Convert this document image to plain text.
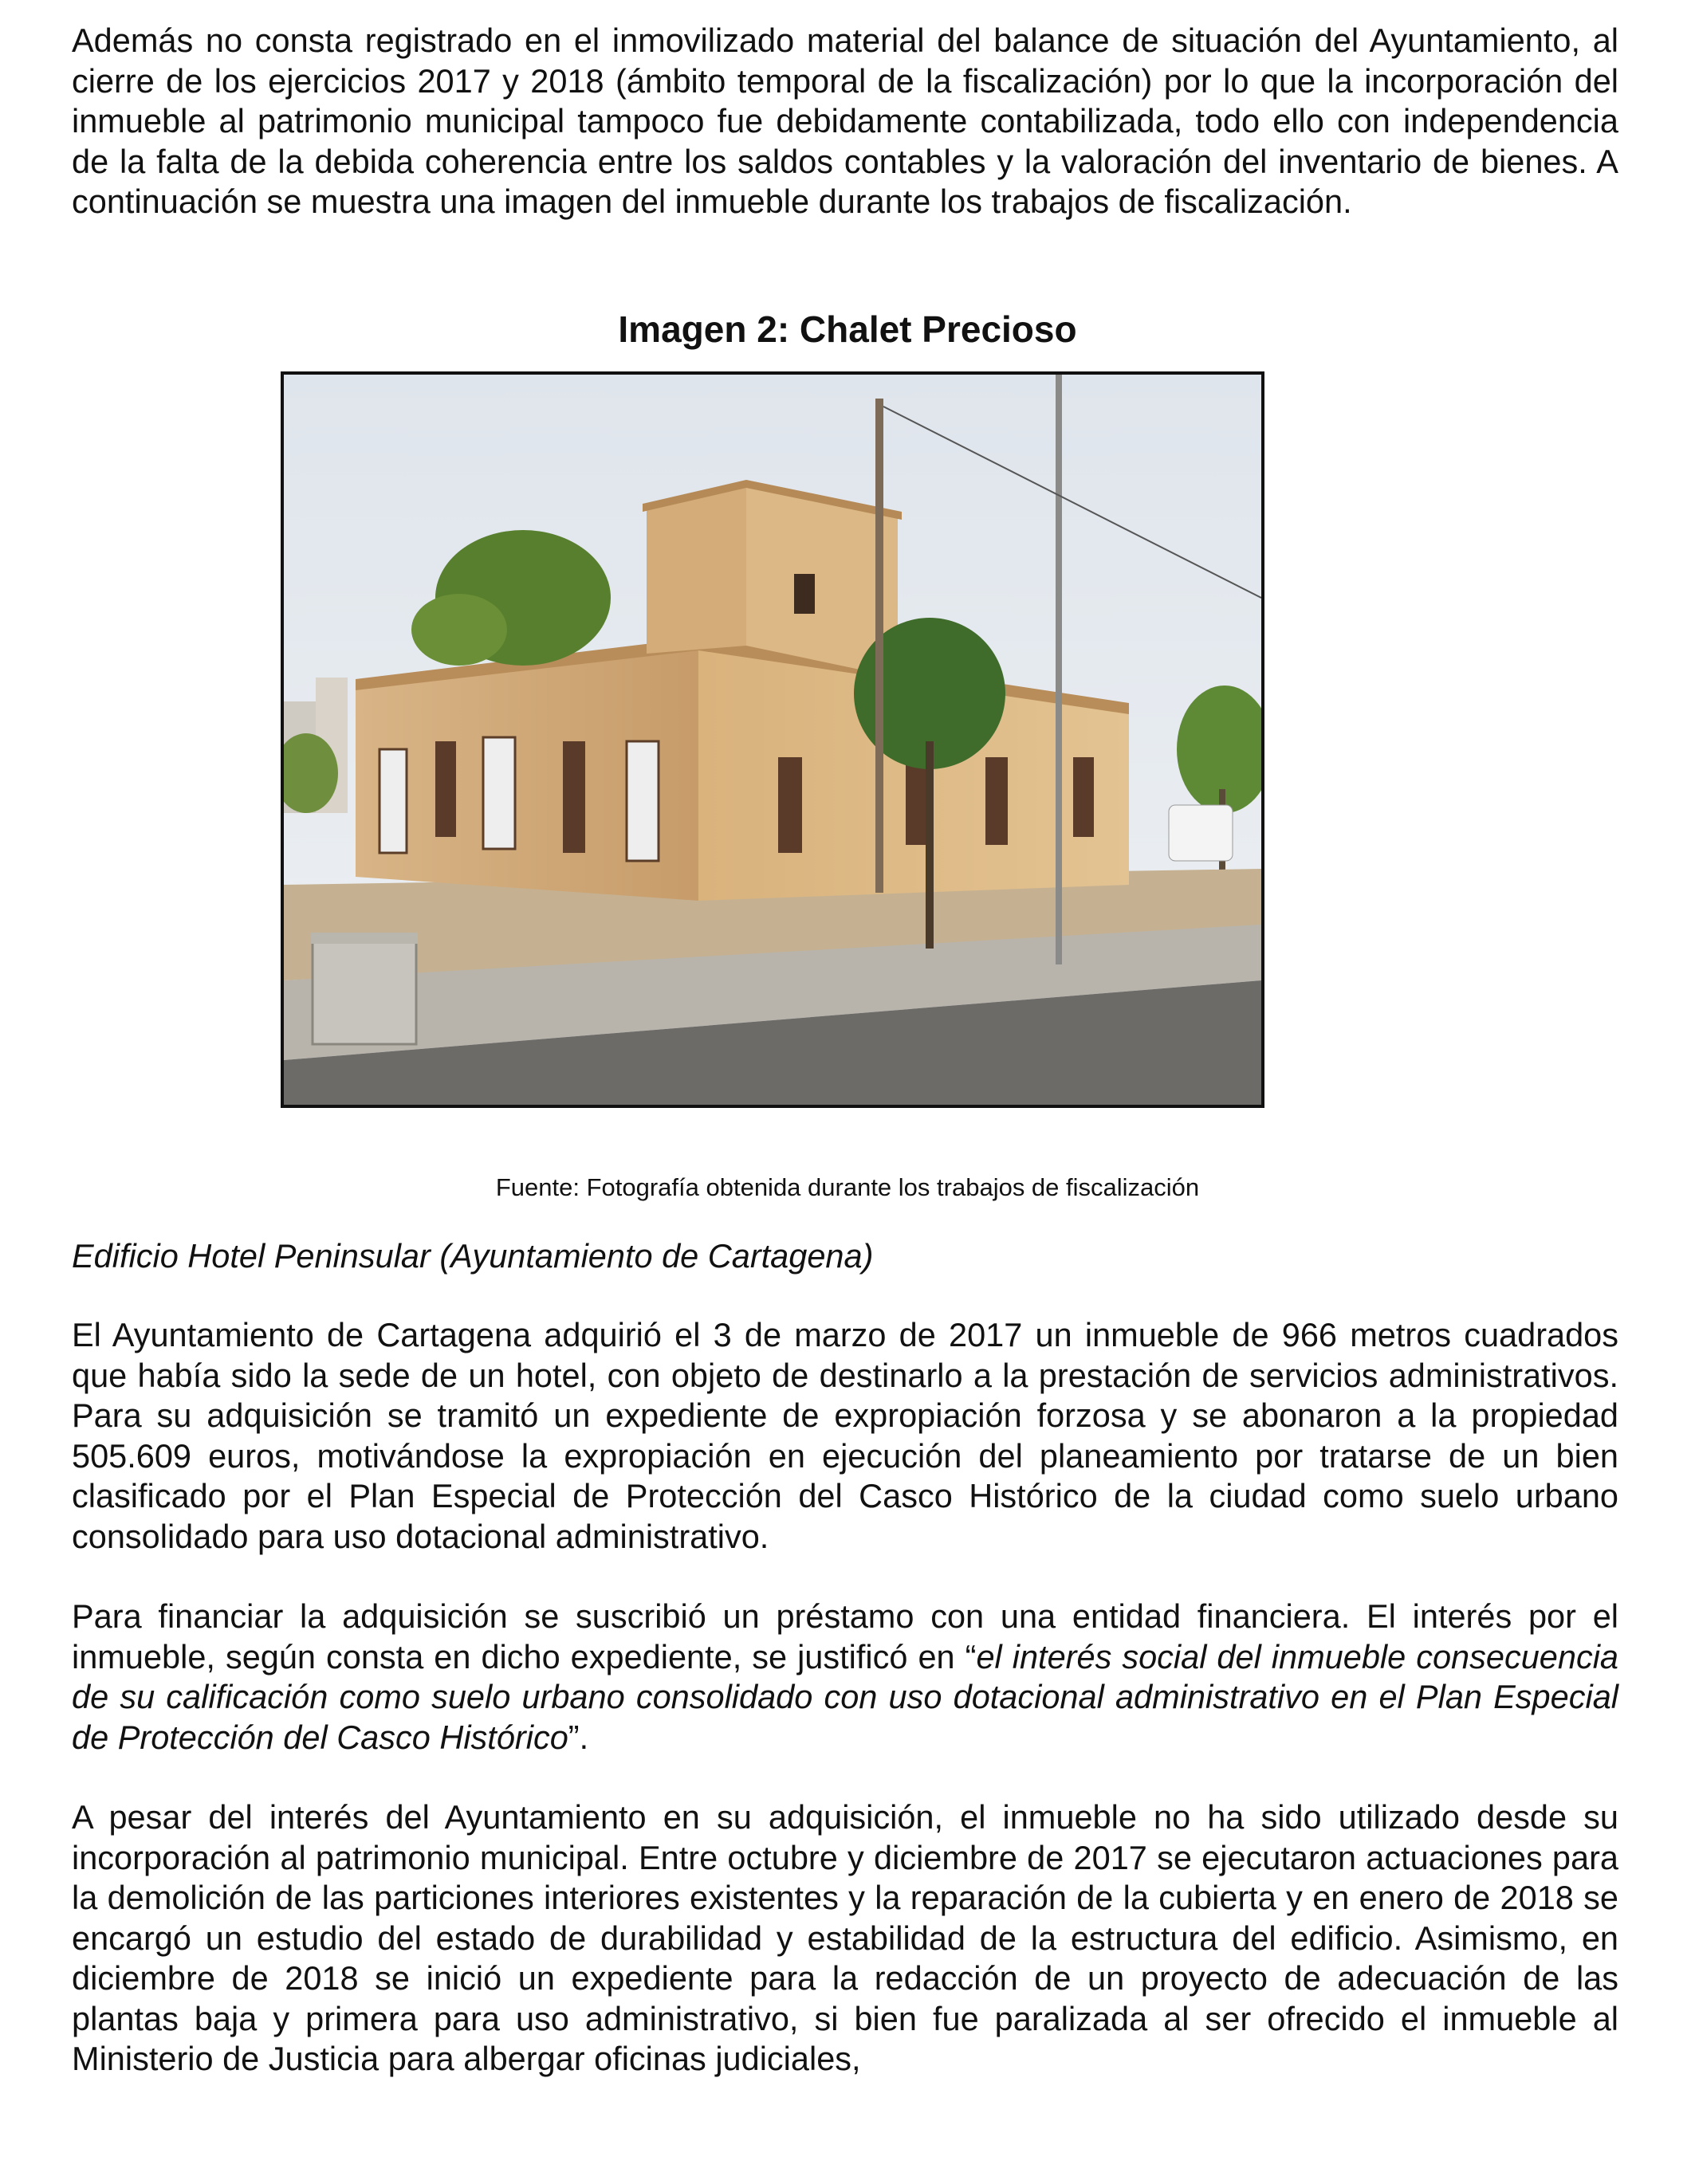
Además no consta registrado en el inmovilizado material del balance de situación del Ayuntamiento, al cierre de los ejercicios 2017 y 2018 (ámbito temporal de la fiscalización) por lo que la incorporación del inmueble al patrimonio municipal tampoco fue debidamente contabilizada, todo ello con independencia de la falta de la debida coherencia entre los saldos contables y la valoración del inventario de bienes. A continuación se muestra una imagen del inmueble durante los trabajos de fiscalización.

Imagen 2: Chalet Precioso
Fuente: Fotografía obtenida durante los trabajos de fiscalización

Edificio Hotel Peninsular (Ayuntamiento de Cartagena)

El Ayuntamiento de Cartagena adquirió el 3 de marzo de 2017 un inmueble de 966 metros cuadrados que había sido la sede de un hotel, con objeto de destinarlo a la prestación de servicios administrativos. Para su adquisición se tramitó un expediente de expropiación forzosa y se abonaron a la propiedad 505.609 euros, motivándose la expropiación en ejecución del planeamiento por tratarse de un bien clasificado por el Plan Especial de Protección del Casco Histórico de la ciudad como suelo urbano consolidado para uso dotacional administrativo.

Para financiar la adquisición se suscribió un préstamo con una entidad financiera. El interés por el inmueble, según consta en dicho expediente, se justificó en “el interés social del inmueble consecuencia de su calificación como suelo urbano consolidado con uso dotacional administrativo en el Plan Especial de Protección del Casco Histórico”.

A pesar del interés del Ayuntamiento en su adquisición, el inmueble no ha sido utilizado desde su incorporación al patrimonio municipal. Entre octubre y diciembre de 2017 se ejecutaron actuaciones para la demolición de las particiones interiores existentes y la reparación de la cubierta y en enero de 2018 se encargó un estudio del estado de durabilidad y estabilidad de la estructura del edificio. Asimismo, en diciembre de 2018 se inició un expediente para la redacción de un proyecto de adecuación de las plantas baja y primera para uso administrativo, si bien fue paralizada al ser ofrecido el inmueble al Ministerio de Justicia para albergar oficinas judiciales,
